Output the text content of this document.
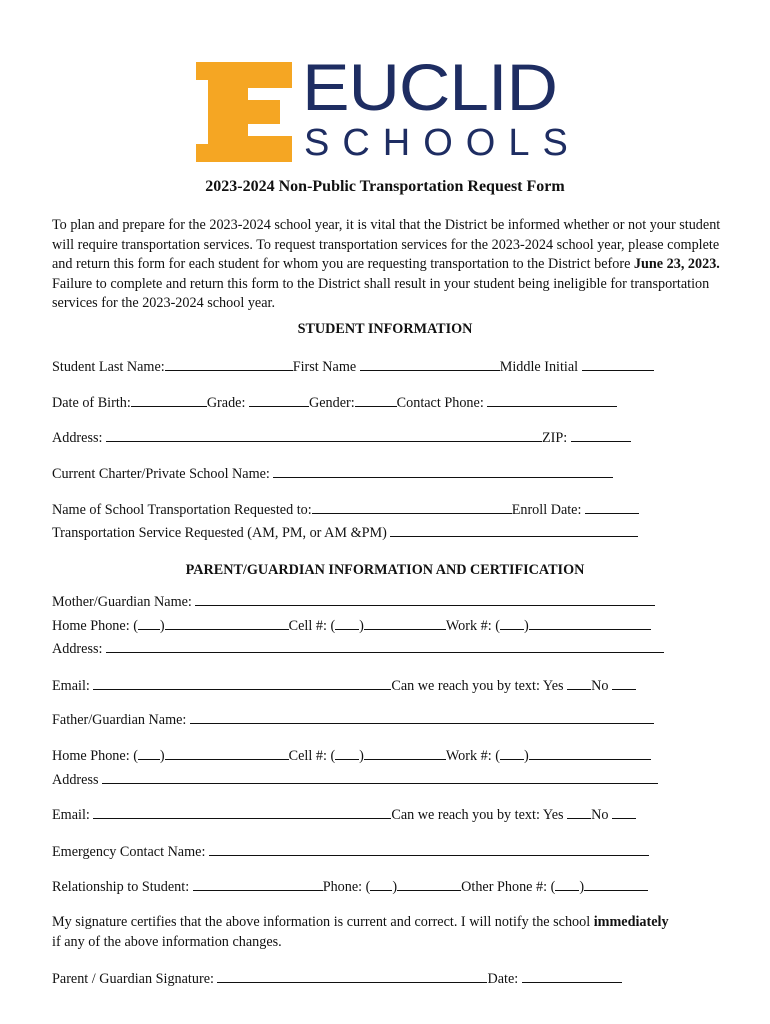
EUCLID
SCHOOLS
2023-2024 Non-Public Transportation Request Form
To plan and prepare for the 2023-2024 school year, it is vital that the District be informed whether or not your student will require transportation services. To request transportation services for the 2023-2024 school year, please complete and return this form for each student for whom you are requesting transportation to the District before June 23, 2023. Failure to complete and return this form to the District shall result in your student being ineligible for transportation services for the 2023-2024 school year.
STUDENT INFORMATION
Student Last Name:	First Name	Middle Initial
Date of Birth:	Grade:	Gender:	Contact Phone:
Address:	ZIP:
Current Charter/Private School Name:
Name of School Transportation Requested to:	Enroll Date:
Transportation Service Requested (AM, PM, or AM &PM)
PARENT/GUARDIAN INFORMATION AND CERTIFICATION
Mother/Guardian Name:
Home Phone: ( )	Cell #: ( )	Work #: ( )
Address:
Email:	Can we reach you by text: Yes No
Father/Guardian Name:
Home Phone: ( )	Cell #: ( )	Work #: ( )
Address
Email:	Can we reach you by text: Yes No
Emergency Contact Name:
Relationship to Student:	Phone: ( )	Other Phone #: ( )
My signature certifies that the above information is current and correct. I will notify the school immediately
if any of the above information changes.
Parent / Guardian Signature:	Date:
